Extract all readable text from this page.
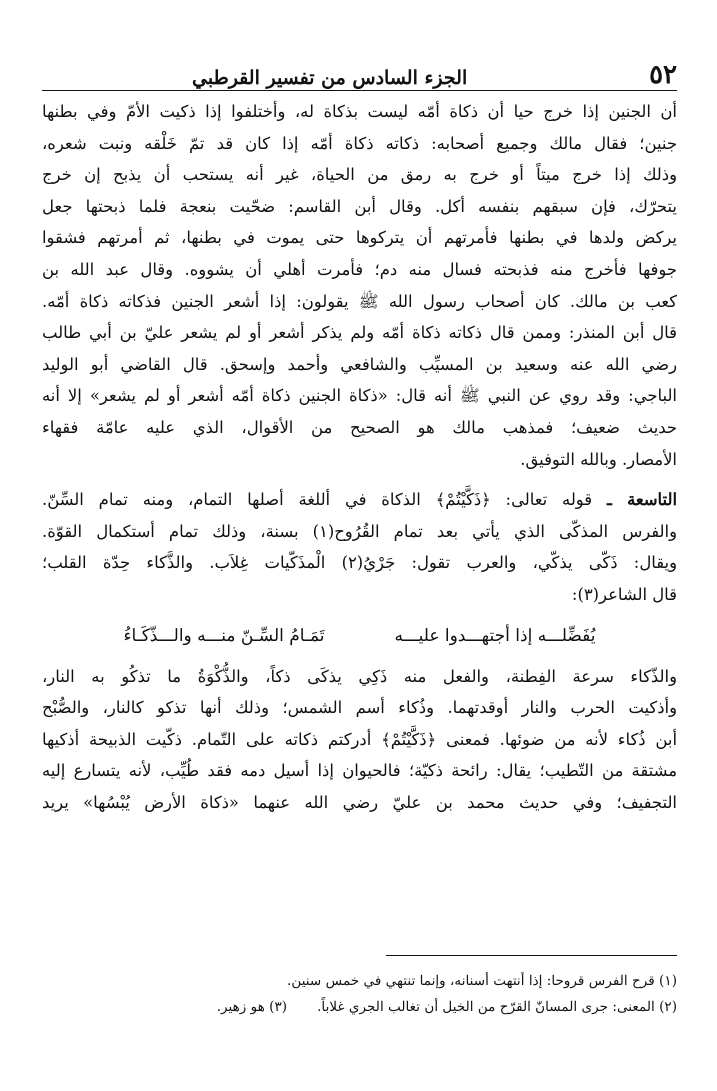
٥٢
الجزء السادس من تفسير القرطبي
أن الجنين إذا خرج حيا أن ذكاة أمّه ليست بذكاة له، وأختلفوا إذا ذكيت الأمّ وفي بطنها
جنين؛ فقال مالك وجميع أصحابه: ذكاته ذكاة أمّه إذا كان قد تمّ خَلْقه ونبت شعره،
وذلك إذا خرج ميتاً أو خرج به رمق من الحياة، غير أنه يستحب أن يذبح إن خرج
يتحرّك، فإن سبقهم بنفسه أكل. وقال أبن القاسم: ضحّيت بنعجة فلما ذبحتها جعل
يركض ولدها في بطنها فأمرتهم أن يتركوها حتى يموت في بطنها، ثم أمرتهم فشقوا
جوفها فأخرج منه فذبحته فسال منه دم؛ فأمرت أهلي أن يشووه. وقال عبد الله بن
كعب بن مالك. كان أصحاب رسول الله ﷺ يقولون: إذا أشعر الجنين فذكاته ذكاة أمّه.
قال أبن المنذر: وممن قال ذكاته ذكاة أمّه ولم يذكر أشعر أو لم يشعر عليّ بن أبي طالب
رضي الله عنه وسعيد بن المسيِّب والشافعي وأحمد وإسحق. قال القاضي أبو الوليد
الباجي: وقد روي عن النبي ﷺ أنه قال: «ذكاة الجنين ذكاة أمّه أشعر أو لم يشعر» إلا أنه
حديث ضعيف؛ فمذهب مالك هو الصحيح من الأقوال، الذي عليه عامّة فقهاء
الأمصار. وبالله التوفيق.
التاسعة ـ قوله تعالى: ﴿ذَكَّيْتُمْ﴾ الذكاة في أللغة أصلها التمام، ومنه تمام السِّنّ.
والفرس المذكّى الذي يأتي بعد تمام القُرُوح(١) بسنة، وذلك تمام أستكمال القوّة.
ويقال: ذَكّى يذكّي، والعرب تقول: جَرْيُ(٢) الْمذَكّيات غِلاَب. والذَّكاء حِدّة القلب؛
قال الشاعر(٣):
يُفَضِّلـــه إذا أجتهـــدوا عليـــه
تَمَـامُ السِّـنّ منـــه والـــذّكَـاءُ
والذّكاء سرعة الفِطنة، والفعل منه ذَكِي يذكَى ذكاً، والذُّكْوَةُ ما تذكُو به النار،
وأذكيت الحرب والنار أوقدتهما. وذُكاء أسم الشمس؛ وذلك أنها تذكو كالنار، والصُّبْح
أبن ذُكاء لأنه من ضوئها. فمعنى ﴿ذَكَّيْتُمْ﴾ أدركتم ذكاته على التّمام. ذكّيت الذبيحة أذكيها
مشتقة من التّطيب؛ يقال: رائحة ذكيّة؛ فالحيوان إذا أسيل دمه فقد طُيِّب، لأنه يتسارع إليه
التجفيف؛ وفي حديث محمد بن عليّ رضي الله عنهما «ذكاة الأرض يُبْسُها» يريد
(١) قرح الفرس قروحا: إذا أنتهت أسنانه، وإنما تنتهي في خمس سنين.
(٢) المعنى: جرى المسانّ القرّح من الخيل أن تغالب الجري غلاباً.(٣) هو زهير.
